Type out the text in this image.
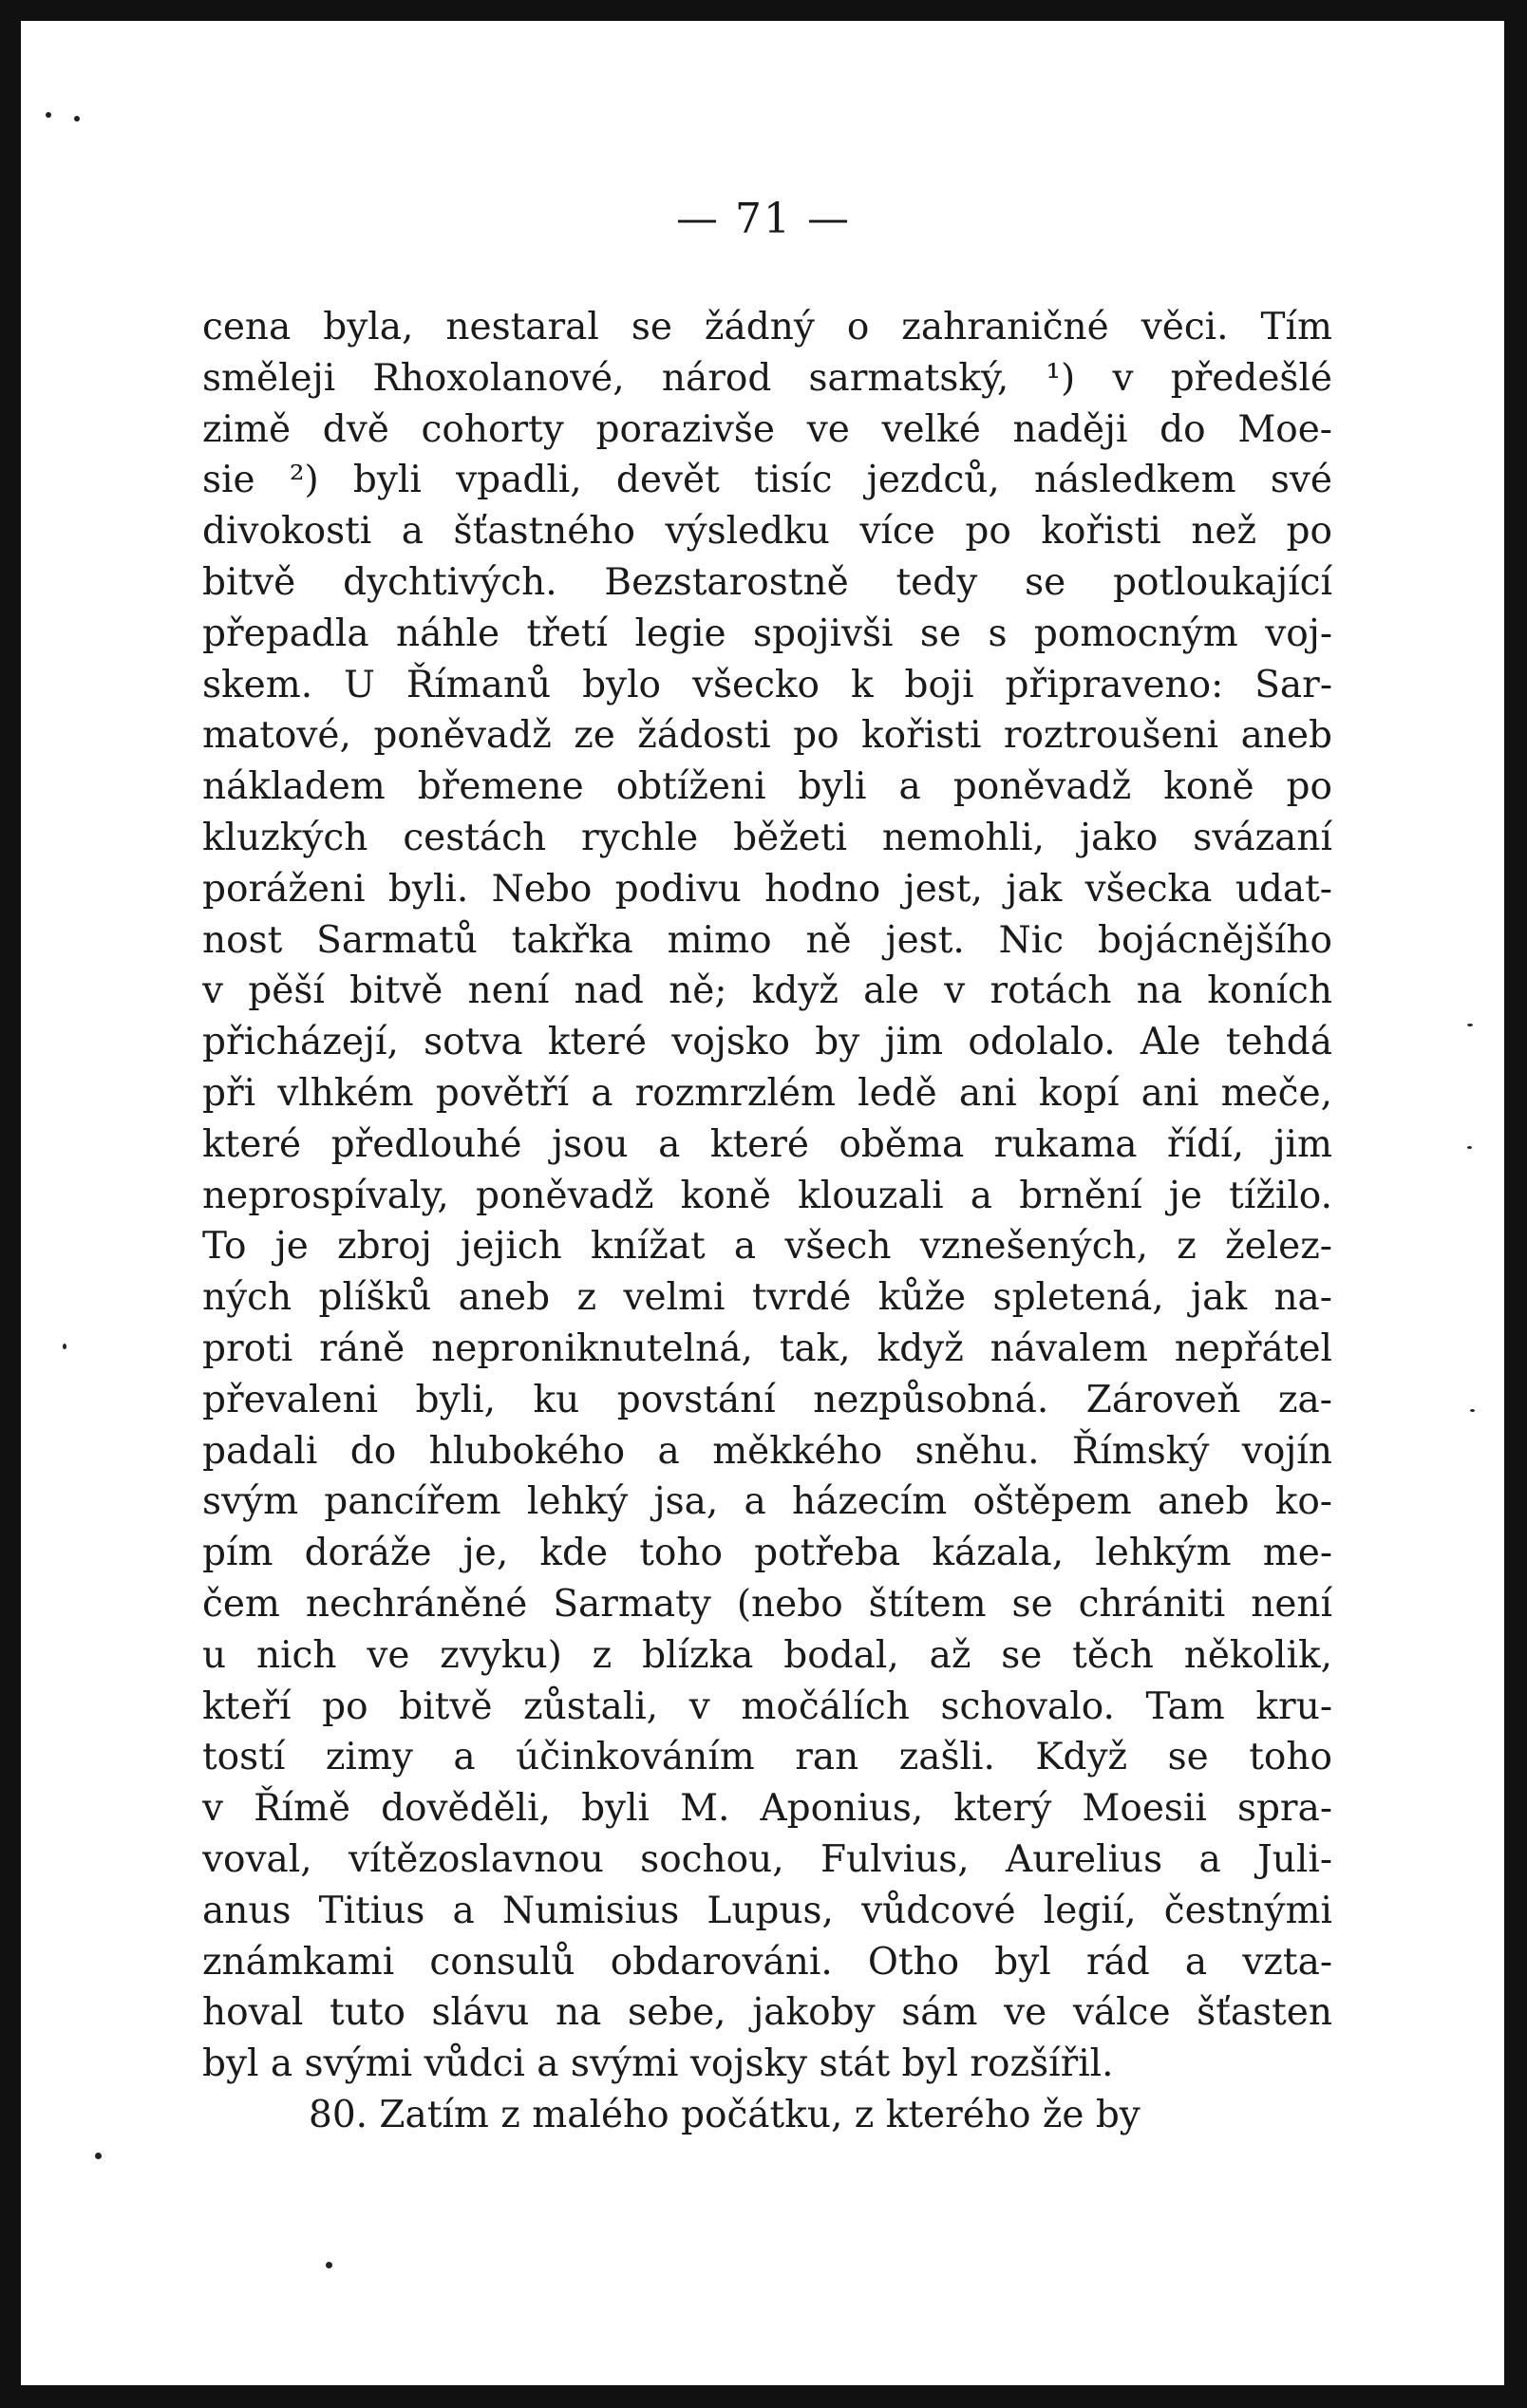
— 71 —
cena byla, nestaral se žádný o zahraničné věci. Tím
směleji Rhoxolanové, národ sarmatský, ¹) v předešlé
zimě dvě cohorty porazivše ve velké naději do Moe-
sie ²) byli vpadli, devět tisíc jezdců, následkem své
divokosti a šťastného výsledku více po kořisti než po
bitvě dychtivých. Bezstarostně tedy se potloukající
přepadla náhle třetí legie spojivši se s pomocným voj-
skem. U Římanů bylo všecko k boji připraveno: Sar-
matové, poněvadž ze žádosti po kořisti roztroušeni aneb
nákladem břemene obtíženi byli a poněvadž koně po
kluzkých cestách rychle běžeti nemohli, jako svázaní
poráženi byli. Nebo podivu hodno jest, jak všecka udat-
nost Sarmatů takřka mimo ně jest. Nic bojácnějšího
v pěší bitvě není nad ně; když ale v rotách na koních
přicházejí, sotva které vojsko by jim odolalo. Ale tehdá
při vlhkém povětří a rozmrzlém ledě ani kopí ani meče,
které předlouhé jsou a které oběma rukama řídí, jim
neprospívaly, poněvadž koně klouzali a brnění je tížilo.
To je zbroj jejich knížat a všech vznešených, z želez-
ných plíšků aneb z velmi tvrdé kůže spletená, jak na-
proti ráně neproniknutelná, tak, když návalem nepřátel
převaleni byli, ku povstání nezpůsobná. Zároveň za-
padali do hlubokého a měkkého sněhu. Římský vojín
svým pancířem lehký jsa, a házecím oštěpem aneb ko-
pím doráže je, kde toho potřeba kázala, lehkým me-
čem nechráněné Sarmaty (nebo štítem se chrániti není
u nich ve zvyku) z blízka bodal, až se těch několik,
kteří po bitvě zůstali, v močálích schovalo. Tam kru-
tostí zimy a účinkováním ran zašli. Když se toho
v Římě dověděli, byli M. Aponius, který Moesii spra-
voval, vítězoslavnou sochou, Fulvius, Aurelius a Juli-
anus Titius a Numisius Lupus, vůdcové legií, čestnými
známkami consulů obdarováni. Otho byl rád a vzta-
hoval tuto slávu na sebe, jakoby sám ve válce šťasten
byl a svými vůdci a svými vojsky stát byl rozšířil.
80. Zatím z malého počátku, z kterého že by
